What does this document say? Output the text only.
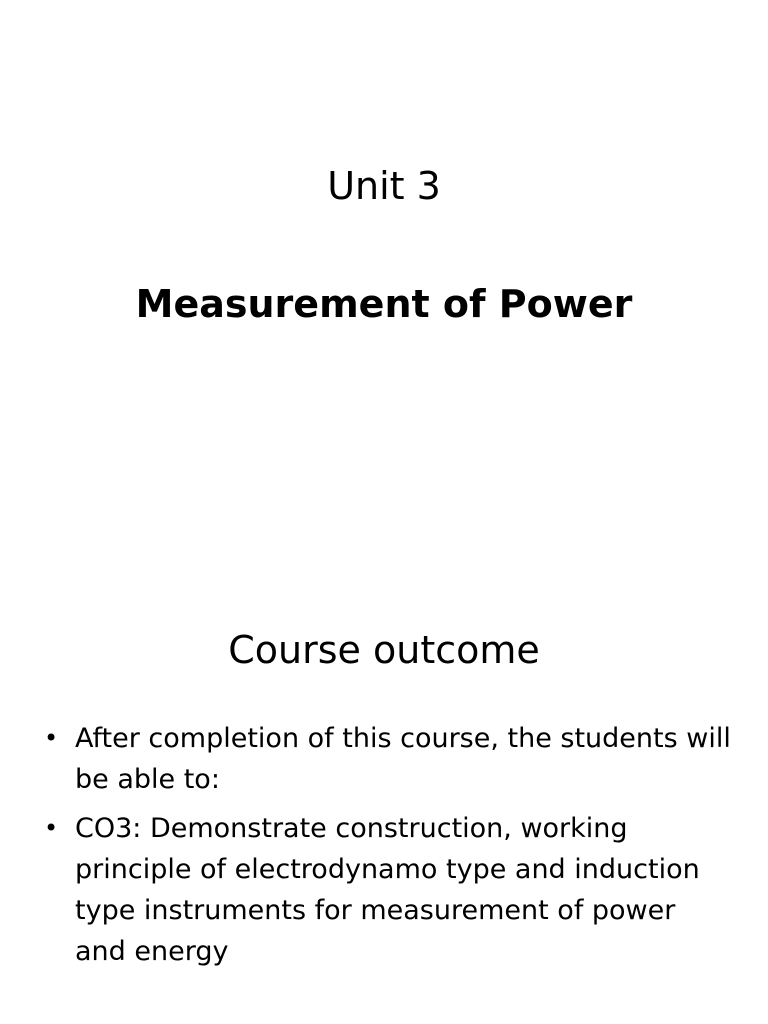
Unit 3
Measurement of Power
Course outcome
• After completion of this course, the students will be able to:
• CO3: Demonstrate construction, working principle of electrodynamo type and induction type instruments for measurement of power and energy
